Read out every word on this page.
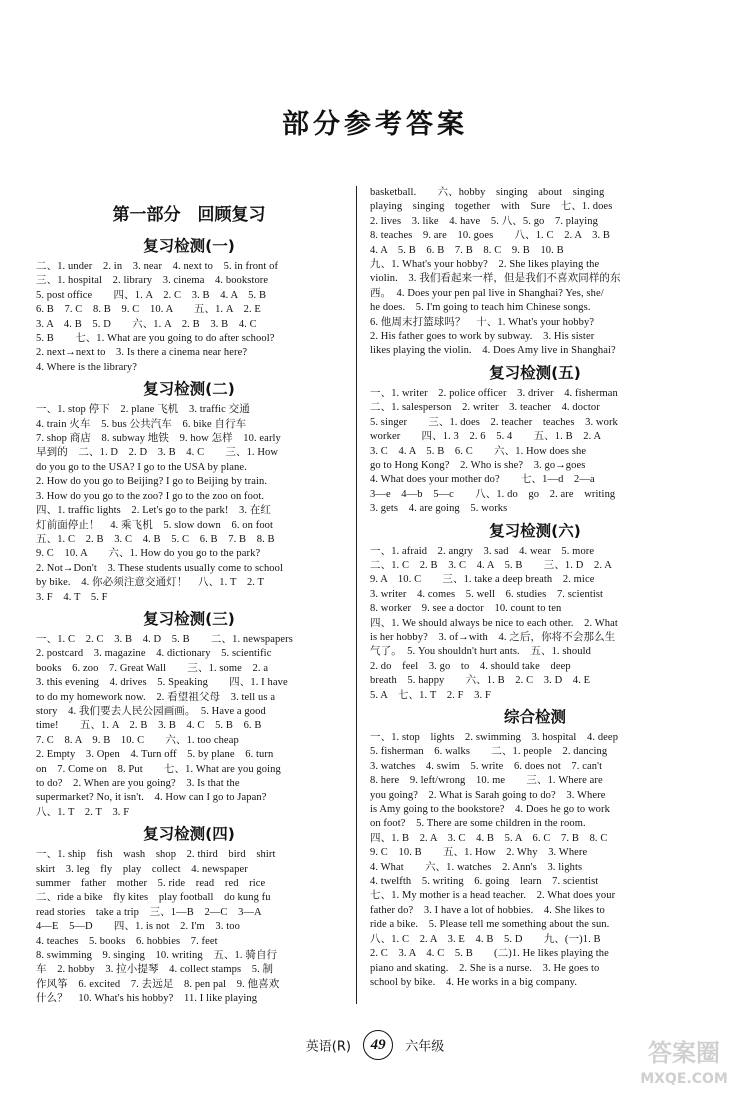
部分参考答案
第一部分　回顾复习
复习检测(一)
二、1. under　2. in　3. near　4. next to　5. in front of
三、1. hospital　2. library　3. cinema　4. bookstore
5. post office　　四、1. A　2. C　3. B　4. A　5. B
6. B　7. C　8. B　9. C　10. A　　五、1. A　2. E
3. A　4. B　5. D　　六、1. A　2. B　3. B　4. C
5. B　　七、1. What are you going to do after school?
2. next→next to　3. Is there a cinema near here?
4. Where is the library?
复习检测(二)
一、1. stop 停下　2. plane 飞机　3. traffic 交通
4. train 火车　5. bus 公共汽车　6. bike 自行车
7. shop 商店　8. subway 地铁　9. how 怎样　10. early
早到的　二、1. D　2. D　3. B　4. C　　三、1. How
do you go to the USA? I go to the USA by plane.
2. How do you go to Beijing? I go to Beijing by train.
3. How do you go to the zoo? I go to the zoo on foot.
四、1. traffic lights　2. Let's go to the park!　3. 在红
灯前面停止！　4. 乘飞机　5. slow down　6. on foot
五、1. C　2. B　3. C　4. B　5. C　6. B　7. B　8. B
9. C　10. A　　六、1. How do you go to the park?
2. Not→Don't　3. These students usually come to school
by bike.　4. 你必须注意交通灯！　八、1. T　2. T
3. F　4. T　5. F
复习检测(三)
一、1. C　2. C　3. B　4. D　5. B　　二、1. newspapers
2. postcard　3. magazine　4. dictionary　5. scientific
books　6. zoo　7. Great Wall　　三、1. some　2. a
3. this evening　4. drives　5. Speaking　　四、1. I have
to do my homework now.　2. 看望祖父母　3. tell us a
story　4. 我们要去人民公园画画。　5. Have a good
time!　　五、1. A　2. B　3. B　4. C　5. B　6. B
7. C　8. A　9. B　10. C　　六、1. too cheap
2. Empty　3. Open　4. Turn off　5. by plane　6. turn
on　7. Come on　8. Put　　七、1. What are you going
to do?　2. When are you going?　3. Is that the
supermarket? No, it isn't.　4. How can I go to Japan?
八、1. T　2. T　3. F
复习检测(四)
一、1. ship　fish　wash　shop　2. third　bird　shirt
skirt　3. leg　fly　play　collect　4. newspaper
summer　father　mother　5. ride　read　red　rice
二、ride a bike　fly kites　play football　do kung fu
read stories　take a trip　三、1—B　2—C　3—A
4—E　5—D　　四、1. is not　2. I'm　3. too
4. teaches　5. books　6. hobbies　7. feet
8. swimming　9. singing　10. writing　五、1. 骑自行
车　2. hobby　3. 拉小提琴　4. collect stamps　5. 制
作风筝　6. excited　7. 去远足　8. pen pal　9. 他喜欢
什么？　10. What's his hobby?　11. I like playing
basketball.　　六、hobby　singing　about　singing
playing　singing　together　with　Sure　七、1. does
2. lives　3. like　4. have　5. 八、5. go　7. playing
8. teaches　9. are　10. goes　　八、1. C　2. A　3. B
4. A　5. B　6. B　7. B　8. C　9. B　10. B
九、1. What's your hobby?　2. She likes playing the
violin.　3. 我们看起来一样，但是我们不喜欢同样的东
西。　4. Does your pen pal live in Shanghai? Yes, she/
he does.　5. I'm going to teach him Chinese songs.
6. 他周末打篮球吗？　十、1. What's your hobby?
2. His father goes to work by subway.　3. His sister
likes playing the violin.　4. Does Amy live in Shanghai?
复习检测(五)
一、1. writer　2. police officer　3. driver　4. fisherman
二、1. salesperson　2. writer　3. teacher　4. doctor
5. singer　　三、1. does　2. teacher　teaches　3. work
worker　　四、1. 3　2. 6　5. 4　　五、1. B　2. A
3. C　4. A　5. B　6. C　　六、1. How does she
go to Hong Kong?　2. Who is she?　3. go→goes
4. What does your mother do?　　七、1—d　2—a
3—e　4—b　5—c　　八、1. do　go　2. are　writing
3. gets　4. are going　5. works
复习检测(六)
一、1. afraid　2. angry　3. sad　4. wear　5. more
二、1. C　2. B　3. C　4. A　5. B　　三、1. D　2. A
9. A　10. C　　三、1. take a deep breath　2. mice
3. writer　4. comes　5. well　6. studies　7. scientist
8. worker　9. see a doctor　10. count to ten
四、1. We should always be nice to each other.　2. What
is her hobby?　3. of→with　4. 之后，你将不会那么生
气了。　5. You shouldn't hurt ants.　五、1. should
2. do　feel　3. go　to　4. should take　deep
breath　5. happy　　六、1. B　2. C　3. D　4. E
5. A　七、1. T　2. F　3. F
综合检测
一、1. stop　lights　2. swimming　3. hospital　4. deep
5. fisherman　6. walks　　二、1. people　2. dancing
3. watches　4. swim　5. write　6. does not　7. can't
8. here　9. left/wrong　10. me　　三、1. Where are
you going?　2. What is Sarah going to do?　3. Where
is Amy going to the bookstore?　4. Does he go to work
on foot?　5. There are some children in the room.
四、1. B　2. A　3. C　4. B　5. A　6. C　7. B　8. C
9. C　10. B　　五、1. How　2. Why　3. Where
4. What　　六、1. watches　2. Ann's　3. lights
4. twelfth　5. writing　6. going　learn　7. scientist
七、1. My mother is a head teacher.　2. What does your
father do?　3. I have a lot of hobbies.　4. She likes to
ride a bike.　5. Please tell me something about the sun.
八、1. C　2. A　3. E　4. B　5. D　　九、(一)1. B
2. C　3. A　4. C　5. B　　(二)1. He likes playing the
piano and skating.　2. She is a nurse.　3. He goes to
school by bike.　4. He works in a big company.
英语(R) 49 六年级	答案圈
MXQE.COM
